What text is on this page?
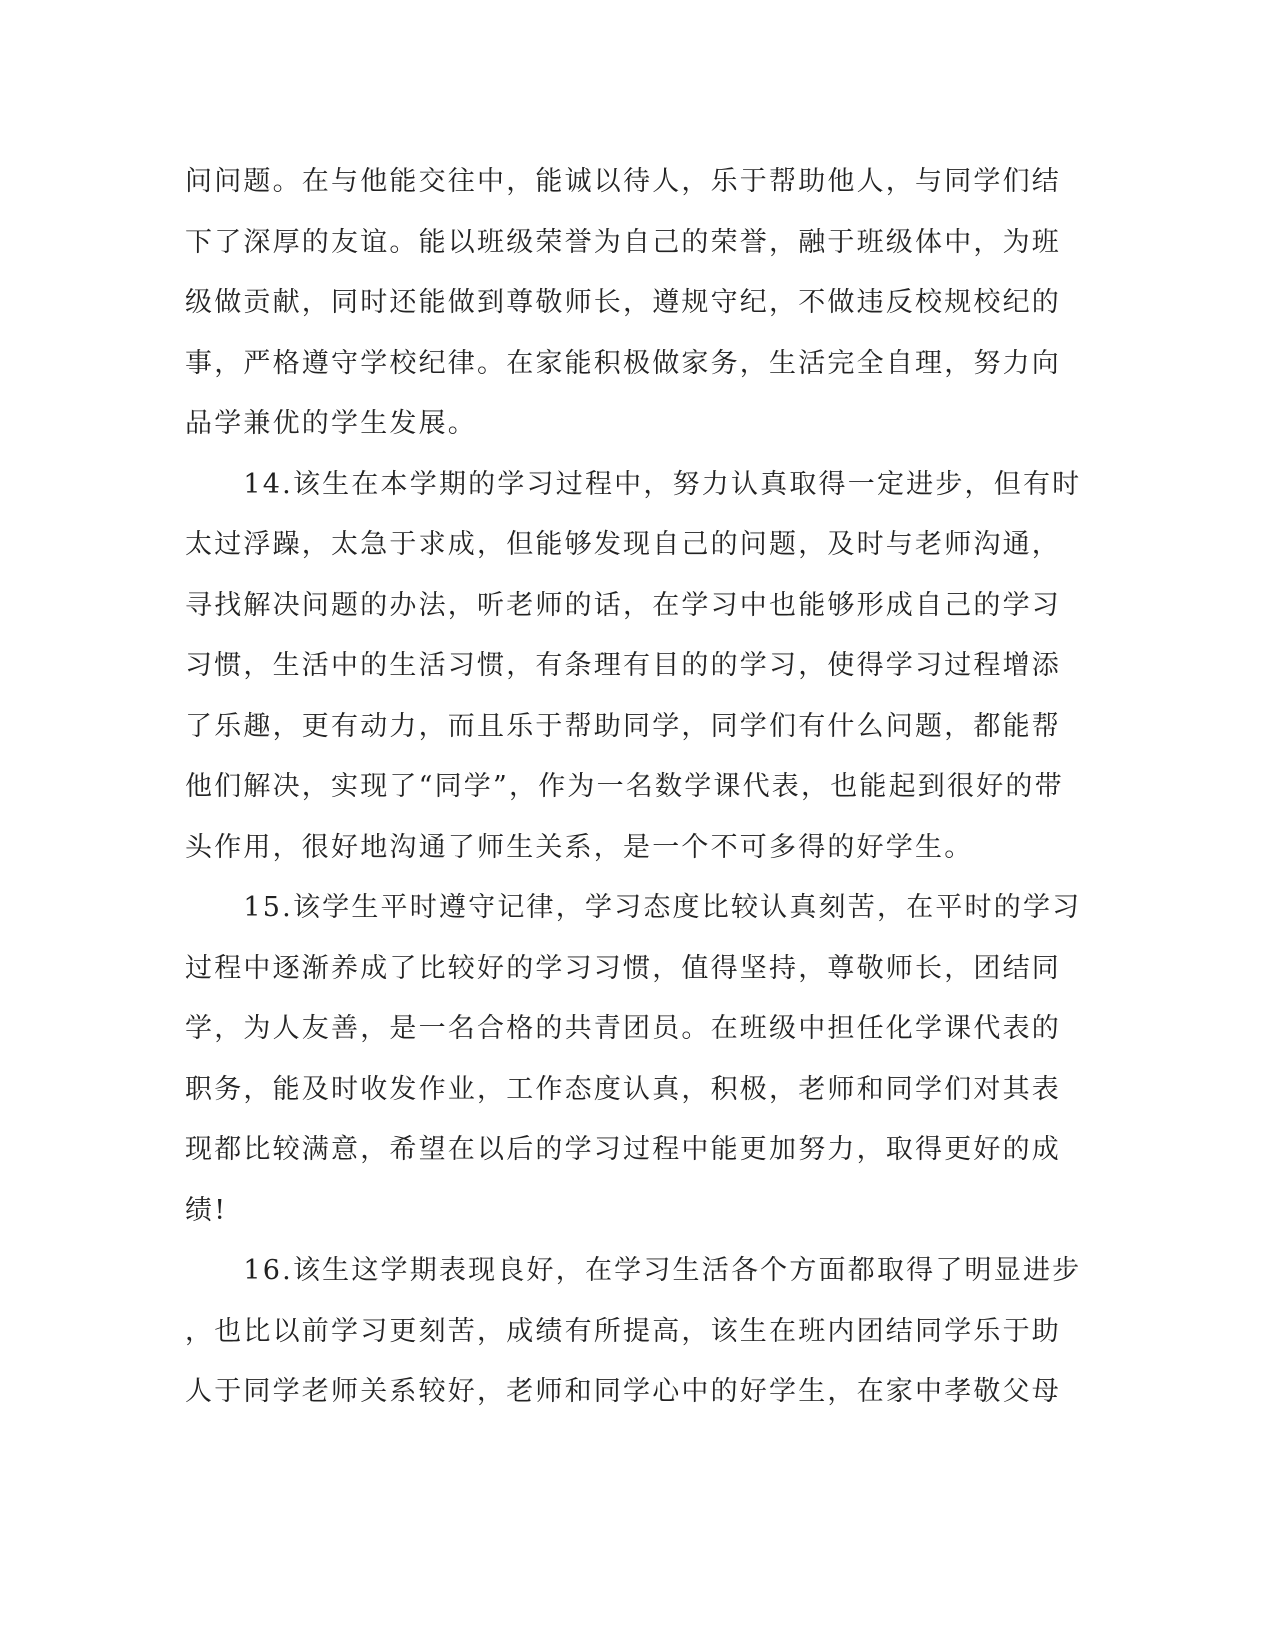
问问题。在与他能交往中，能诚以待人，乐于帮助他人，与同学们结
下了深厚的友谊。能以班级荣誉为自己的荣誉，融于班级体中，为班
级做贡献，同时还能做到尊敬师长，遵规守纪，不做违反校规校纪的
事，严格遵守学校纪律。在家能积极做家务，生活完全自理，努力向
品学兼优的学生发展。
　　14.该生在本学期的学习过程中，努力认真取得一定进步，但有时
太过浮躁，太急于求成，但能够发现自己的问题，及时与老师沟通，
寻找解决问题的办法，听老师的话，在学习中也能够形成自己的学习
习惯，生活中的生活习惯，有条理有目的的学习，使得学习过程增添
了乐趣，更有动力，而且乐于帮助同学，同学们有什么问题，都能帮
他们解决，实现了“同学”，作为一名数学课代表，也能起到很好的带
头作用，很好地沟通了师生关系，是一个不可多得的好学生。
　　15.该学生平时遵守记律，学习态度比较认真刻苦，在平时的学习
过程中逐渐养成了比较好的学习习惯，值得坚持，尊敬师长，团结同
学，为人友善，是一名合格的共青团员。在班级中担任化学课代表的
职务，能及时收发作业，工作态度认真，积极，老师和同学们对其表
现都比较满意，希望在以后的学习过程中能更加努力，取得更好的成
绩!
　　16.该生这学期表现良好，在学习生活各个方面都取得了明显进步
，也比以前学习更刻苦，成绩有所提高，该生在班内团结同学乐于助
人于同学老师关系较好，老师和同学心中的好学生，在家中孝敬父母
